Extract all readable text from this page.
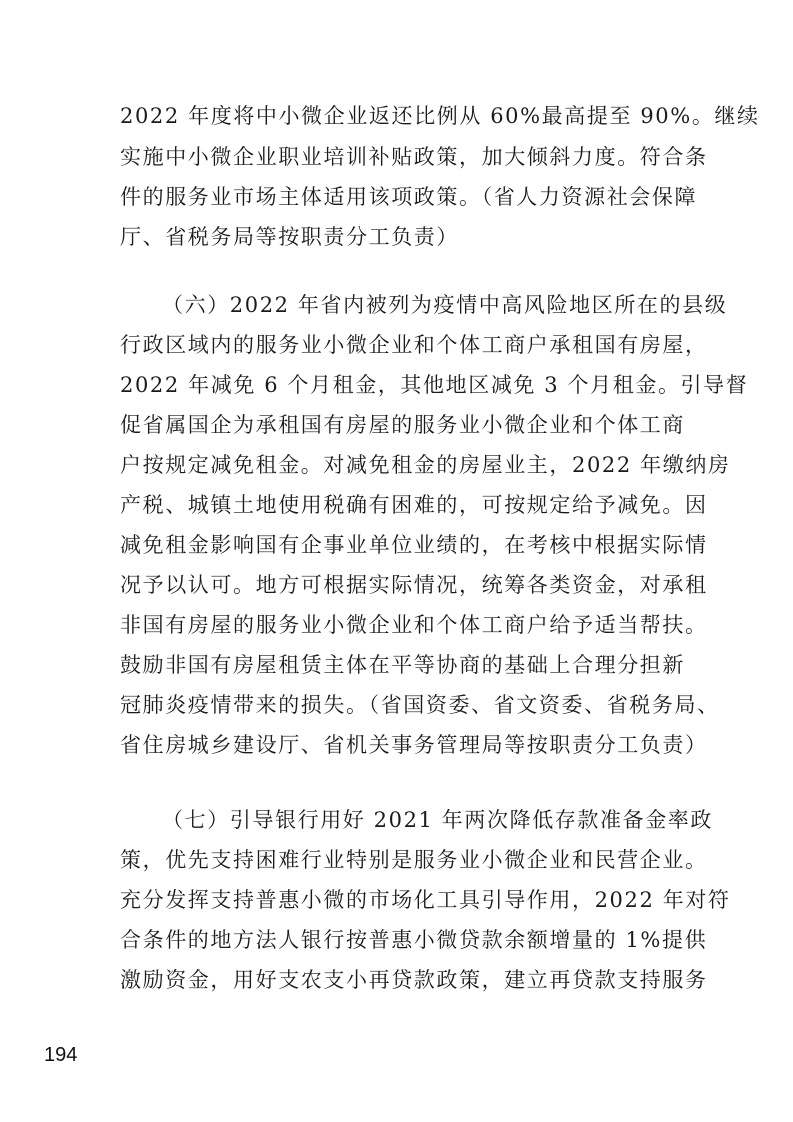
2022 年度将中小微企业返还比例从 60%最高提至 90%。继续
实施中小微企业职业培训补贴政策，加大倾斜力度。符合条
件的服务业市场主体适用该项政策。（省人力资源社会保障
厅、省税务局等按职责分工负责）
（六）2022 年省内被列为疫情中高风险地区所在的县级
行政区域内的服务业小微企业和个体工商户承租国有房屋，
2022 年减免 6 个月租金，其他地区减免 3 个月租金。引导督
促省属国企为承租国有房屋的服务业小微企业和个体工商
户按规定减免租金。对减免租金的房屋业主，2022 年缴纳房
产税、城镇土地使用税确有困难的，可按规定给予减免。因
减免租金影响国有企事业单位业绩的，在考核中根据实际情
况予以认可。地方可根据实际情况，统筹各类资金，对承租
非国有房屋的服务业小微企业和个体工商户给予适当帮扶。
鼓励非国有房屋租赁主体在平等协商的基础上合理分担新
冠肺炎疫情带来的损失。（省国资委、省文资委、省税务局、
省住房城乡建设厅、省机关事务管理局等按职责分工负责）
（七）引导银行用好 2021 年两次降低存款准备金率政
策，优先支持困难行业特别是服务业小微企业和民营企业。
充分发挥支持普惠小微的市场化工具引导作用，2022 年对符
合条件的地方法人银行按普惠小微贷款余额增量的 1%提供
激励资金，用好支农支小再贷款政策，建立再贷款支持服务
194
